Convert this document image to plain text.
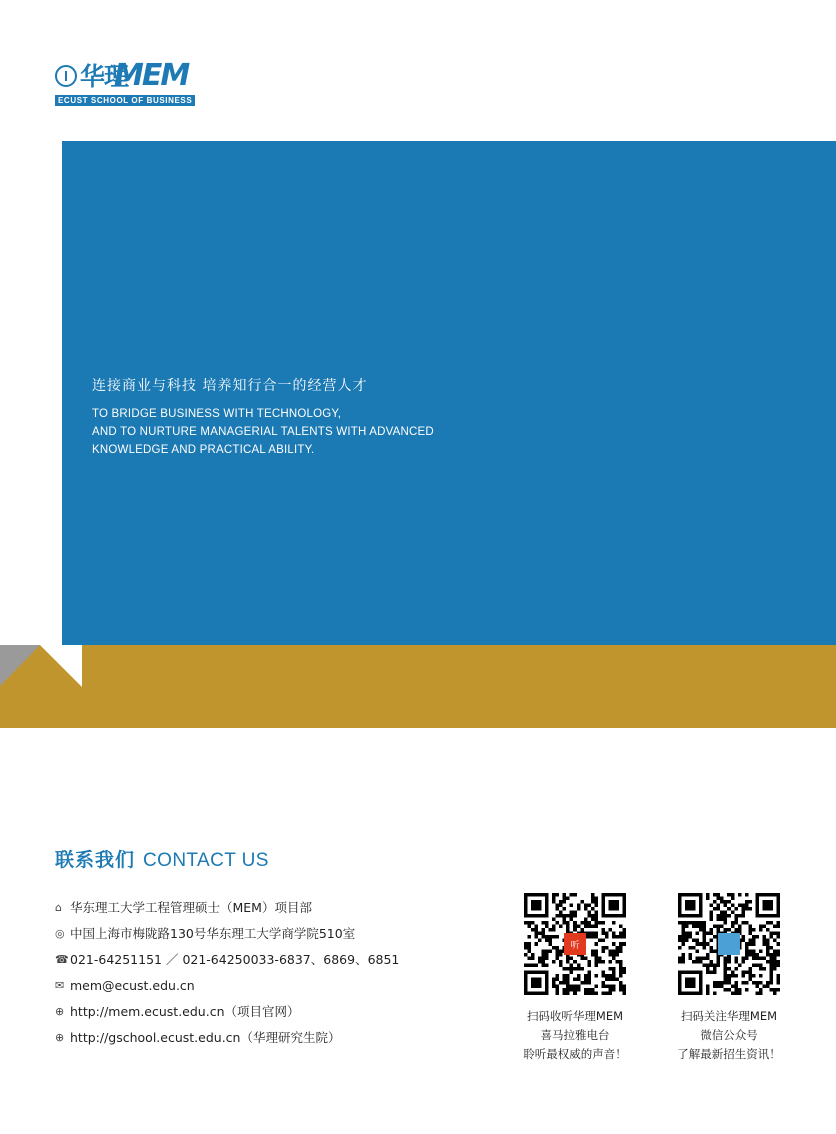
华理
MEM
ECUST SCHOOL OF BUSINESS
连接商业与科技 培养知行合一的经营人才
TO BRIDGE BUSINESS WITH TECHNOLOGY,
AND TO NURTURE MANAGERIAL TALENTS WITH ADVANCED
KNOWLEDGE AND PRACTICAL ABILITY.
联系我们 CONTACT US
⌂ 华东理工大学工程管理硕士（MEM）项目部
◎ 中国上海市梅陇路130号华东理工大学商学院510室
☎ 021-64251151 ／ 021-64250033-6837、6869、6851
✉ mem@ecust.edu.cn
⊕ http://mem.ecust.edu.cn（项目官网）
⊕ http://gschool.ecust.edu.cn（华理研究生院）
听
扫码收听华理MEM
喜马拉雅电台
聆听最权威的声音！
扫码关注华理MEM
微信公众号
了解最新招生资讯！
